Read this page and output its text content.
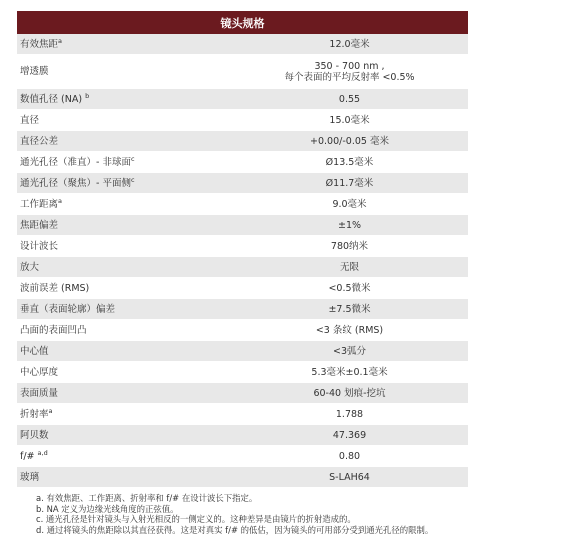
镜头规格	
有效焦距$^a$	12.0毫米
增透膜	350 - 700 nm ,
每个表面的平均反射率 <0.5%
数值孔径 (NA) $^b$	0.55
直径	15.0毫米
直径公差	+0.00/-0.05 毫米
通光孔径（准直）- 非球面$^c$	Ø13.5毫米
通光孔径（聚焦）- 平面侧$^c$	Ø11.7毫米
工作距离$^a$	9.0毫米
焦距偏差	±1%
设计波长	780纳米
放大	无限
波前误差 (RMS)	<0.5微米
垂直（表面轮廓）偏差	±7.5微米
凸面的表面凹凸	<3 条纹 (RMS)
中心值	<3弧分
中心厚度	5.3毫米±0.1毫米
表面质量	60-40 划痕-挖坑
折射率$^a$	1.788
阿贝数	47.369
f/# $^{a,d}$	0.80
玻璃	S-LAH64
a. 有效焦距、工作距离、折射率和 f/# 在设计波长下指定。
b. NA 定义为边缘光线角度的正弦值。
c. 通光孔径是针对镜头与入射光相反的一侧定义的。这种差异是由镜片的折射造成的。
d. 通过将镜头的焦距除以其直径获得。这是对真实 f/# 的低估，因为镜头的可用部分受到通光孔径的限制。
